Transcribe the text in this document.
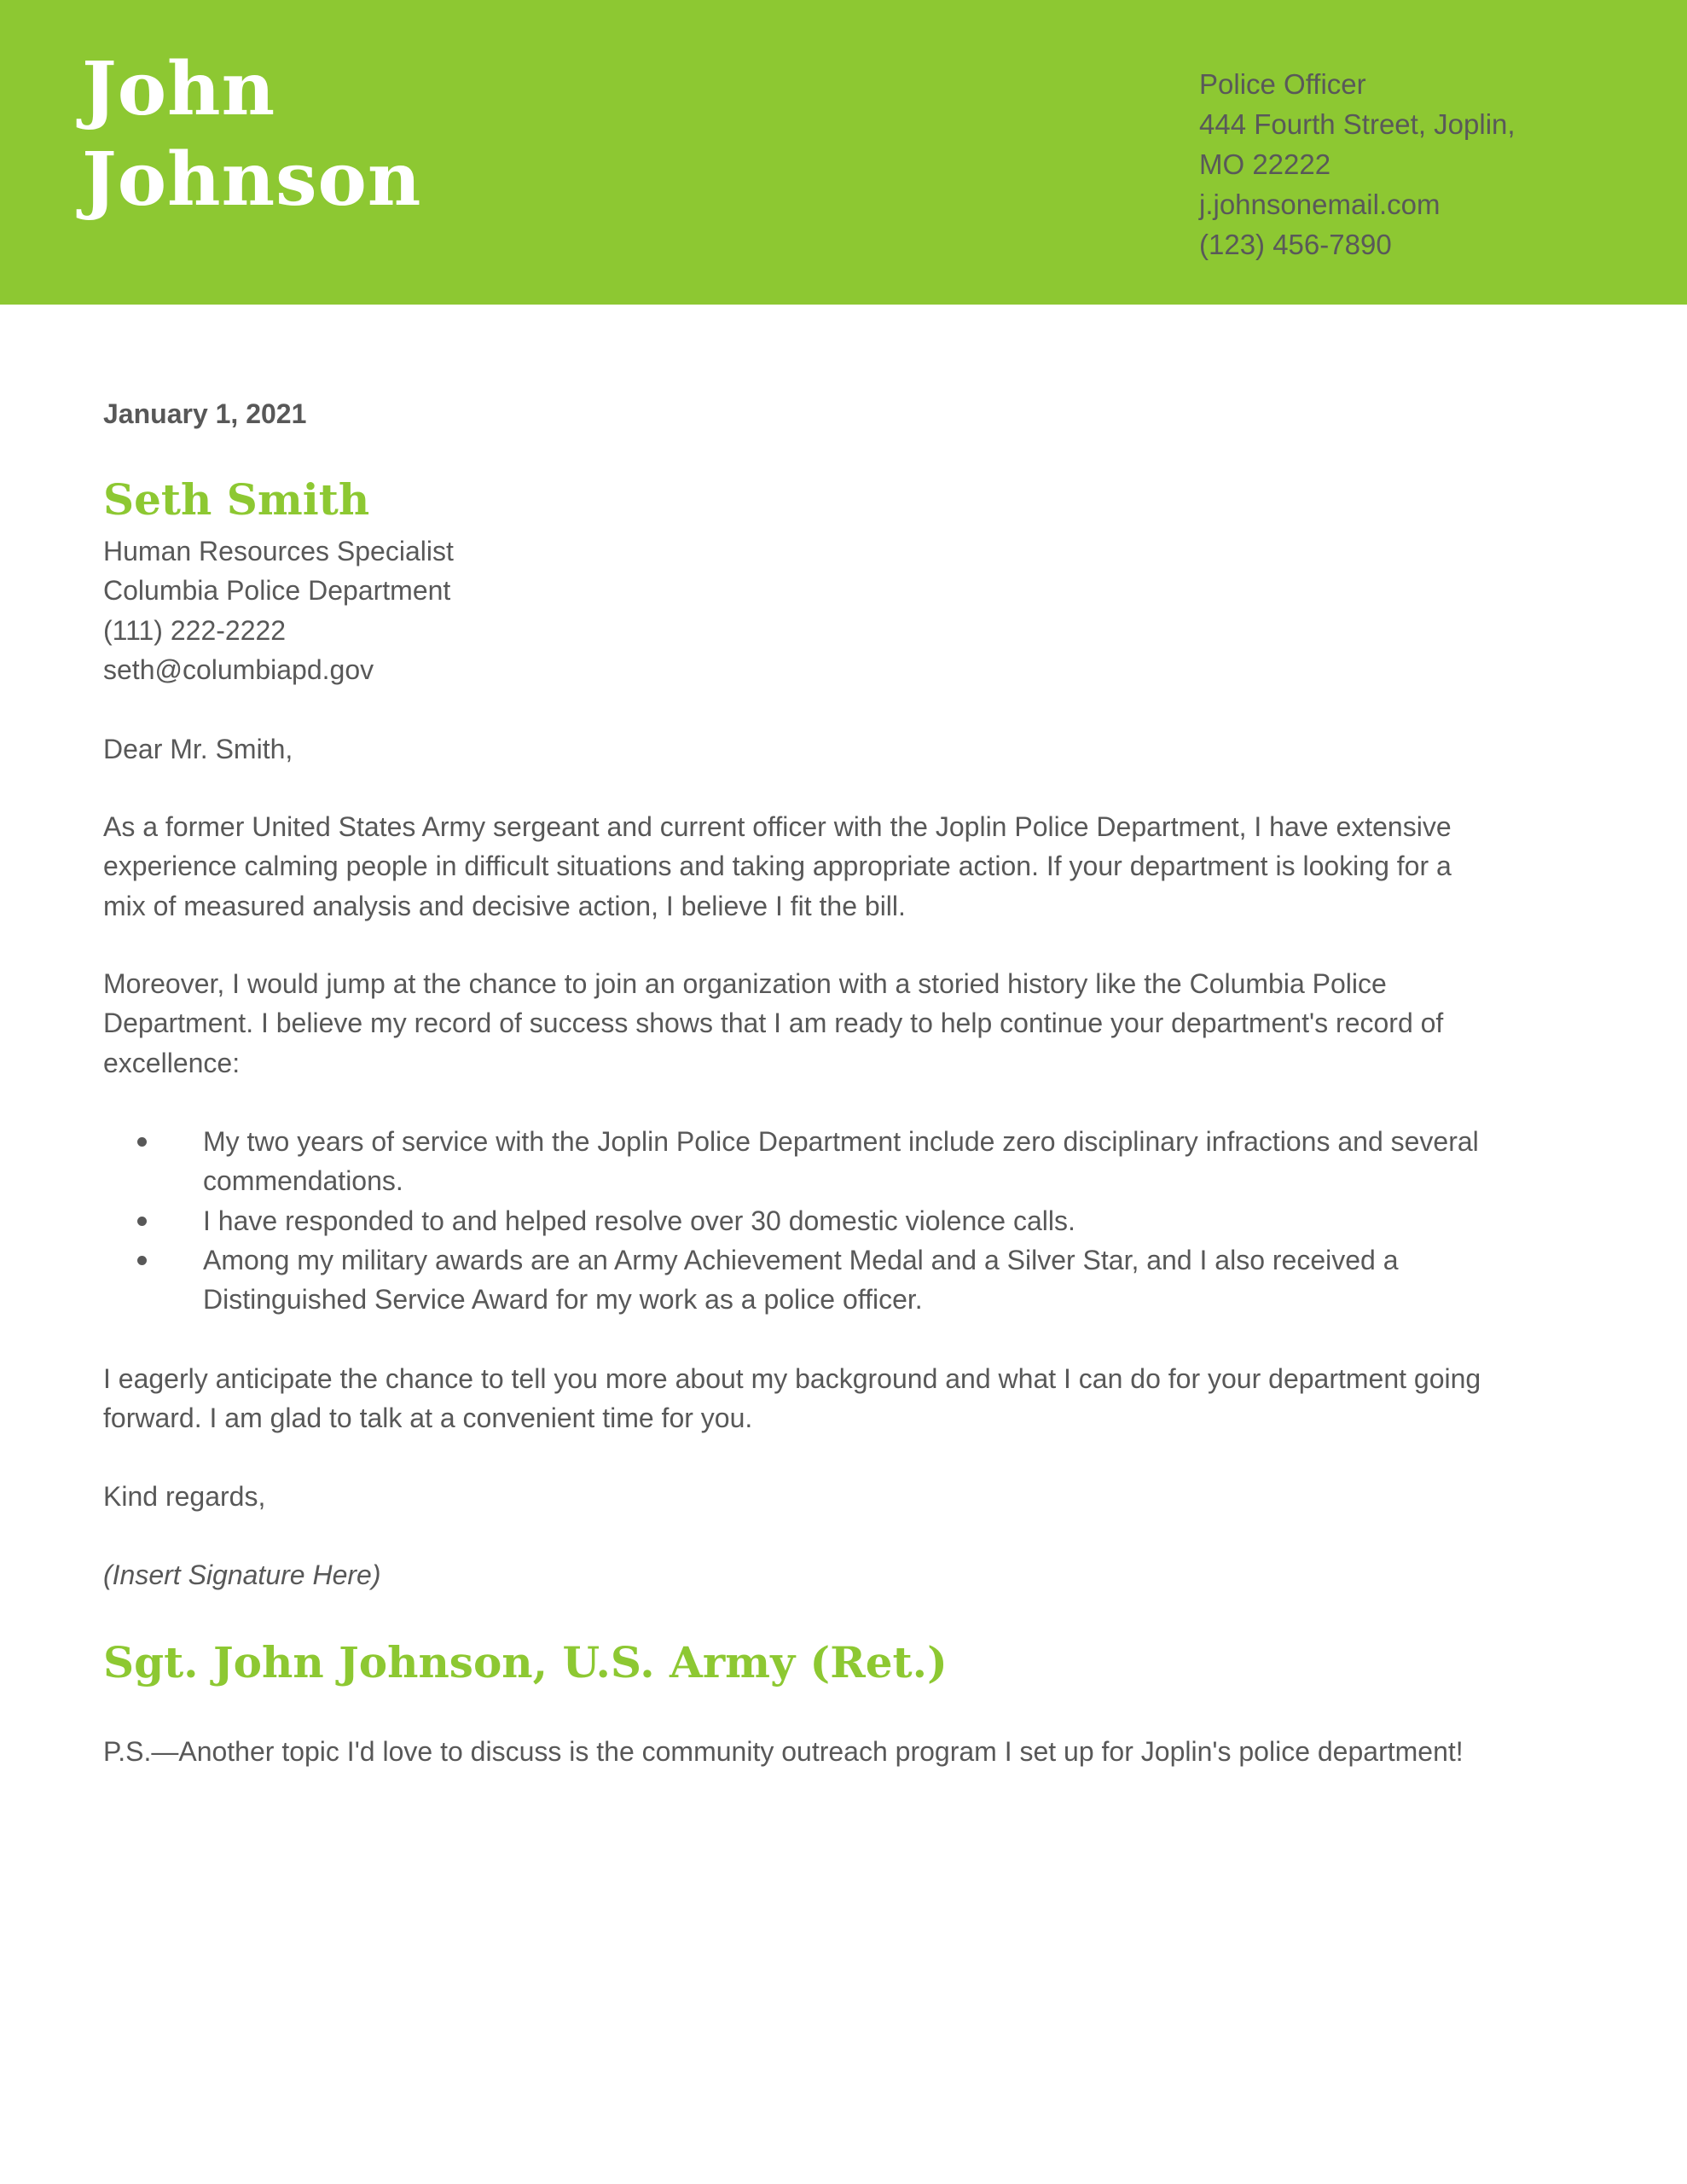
John
Johnson
Police Officer
444 Fourth Street, Joplin,
MO 22222
j.johnsonemail.com
(123) 456-7890
January 1, 2021
Seth Smith
Human Resources Specialist
Columbia Police Department
(111) 222-2222
seth@columbiapd.gov
Dear Mr. Smith,
As a former United States Army sergeant and current officer with the Joplin Police Department, I have extensive
experience calming people in difficult situations and taking appropriate action. If your department is looking for a
mix of measured analysis and decisive action, I believe I fit the bill.
Moreover, I would jump at the chance to join an organization with a storied history like the Columbia Police
Department. I believe my record of success shows that I am ready to help continue your department's record of
excellence:
My two years of service with the Joplin Police Department include zero disciplinary infractions and several
commendations.
I have responded to and helped resolve over 30 domestic violence calls.
Among my military awards are an Army Achievement Medal and a Silver Star, and I also received a
Distinguished Service Award for my work as a police officer.
I eagerly anticipate the chance to tell you more about my background and what I can do for your department going
forward. I am glad to talk at a convenient time for you.
Kind regards,
(Insert Signature Here)
Sgt. John Johnson, U.S. Army (Ret.)
P.S.—Another topic I'd love to discuss is the community outreach program I set up for Joplin's police department!
